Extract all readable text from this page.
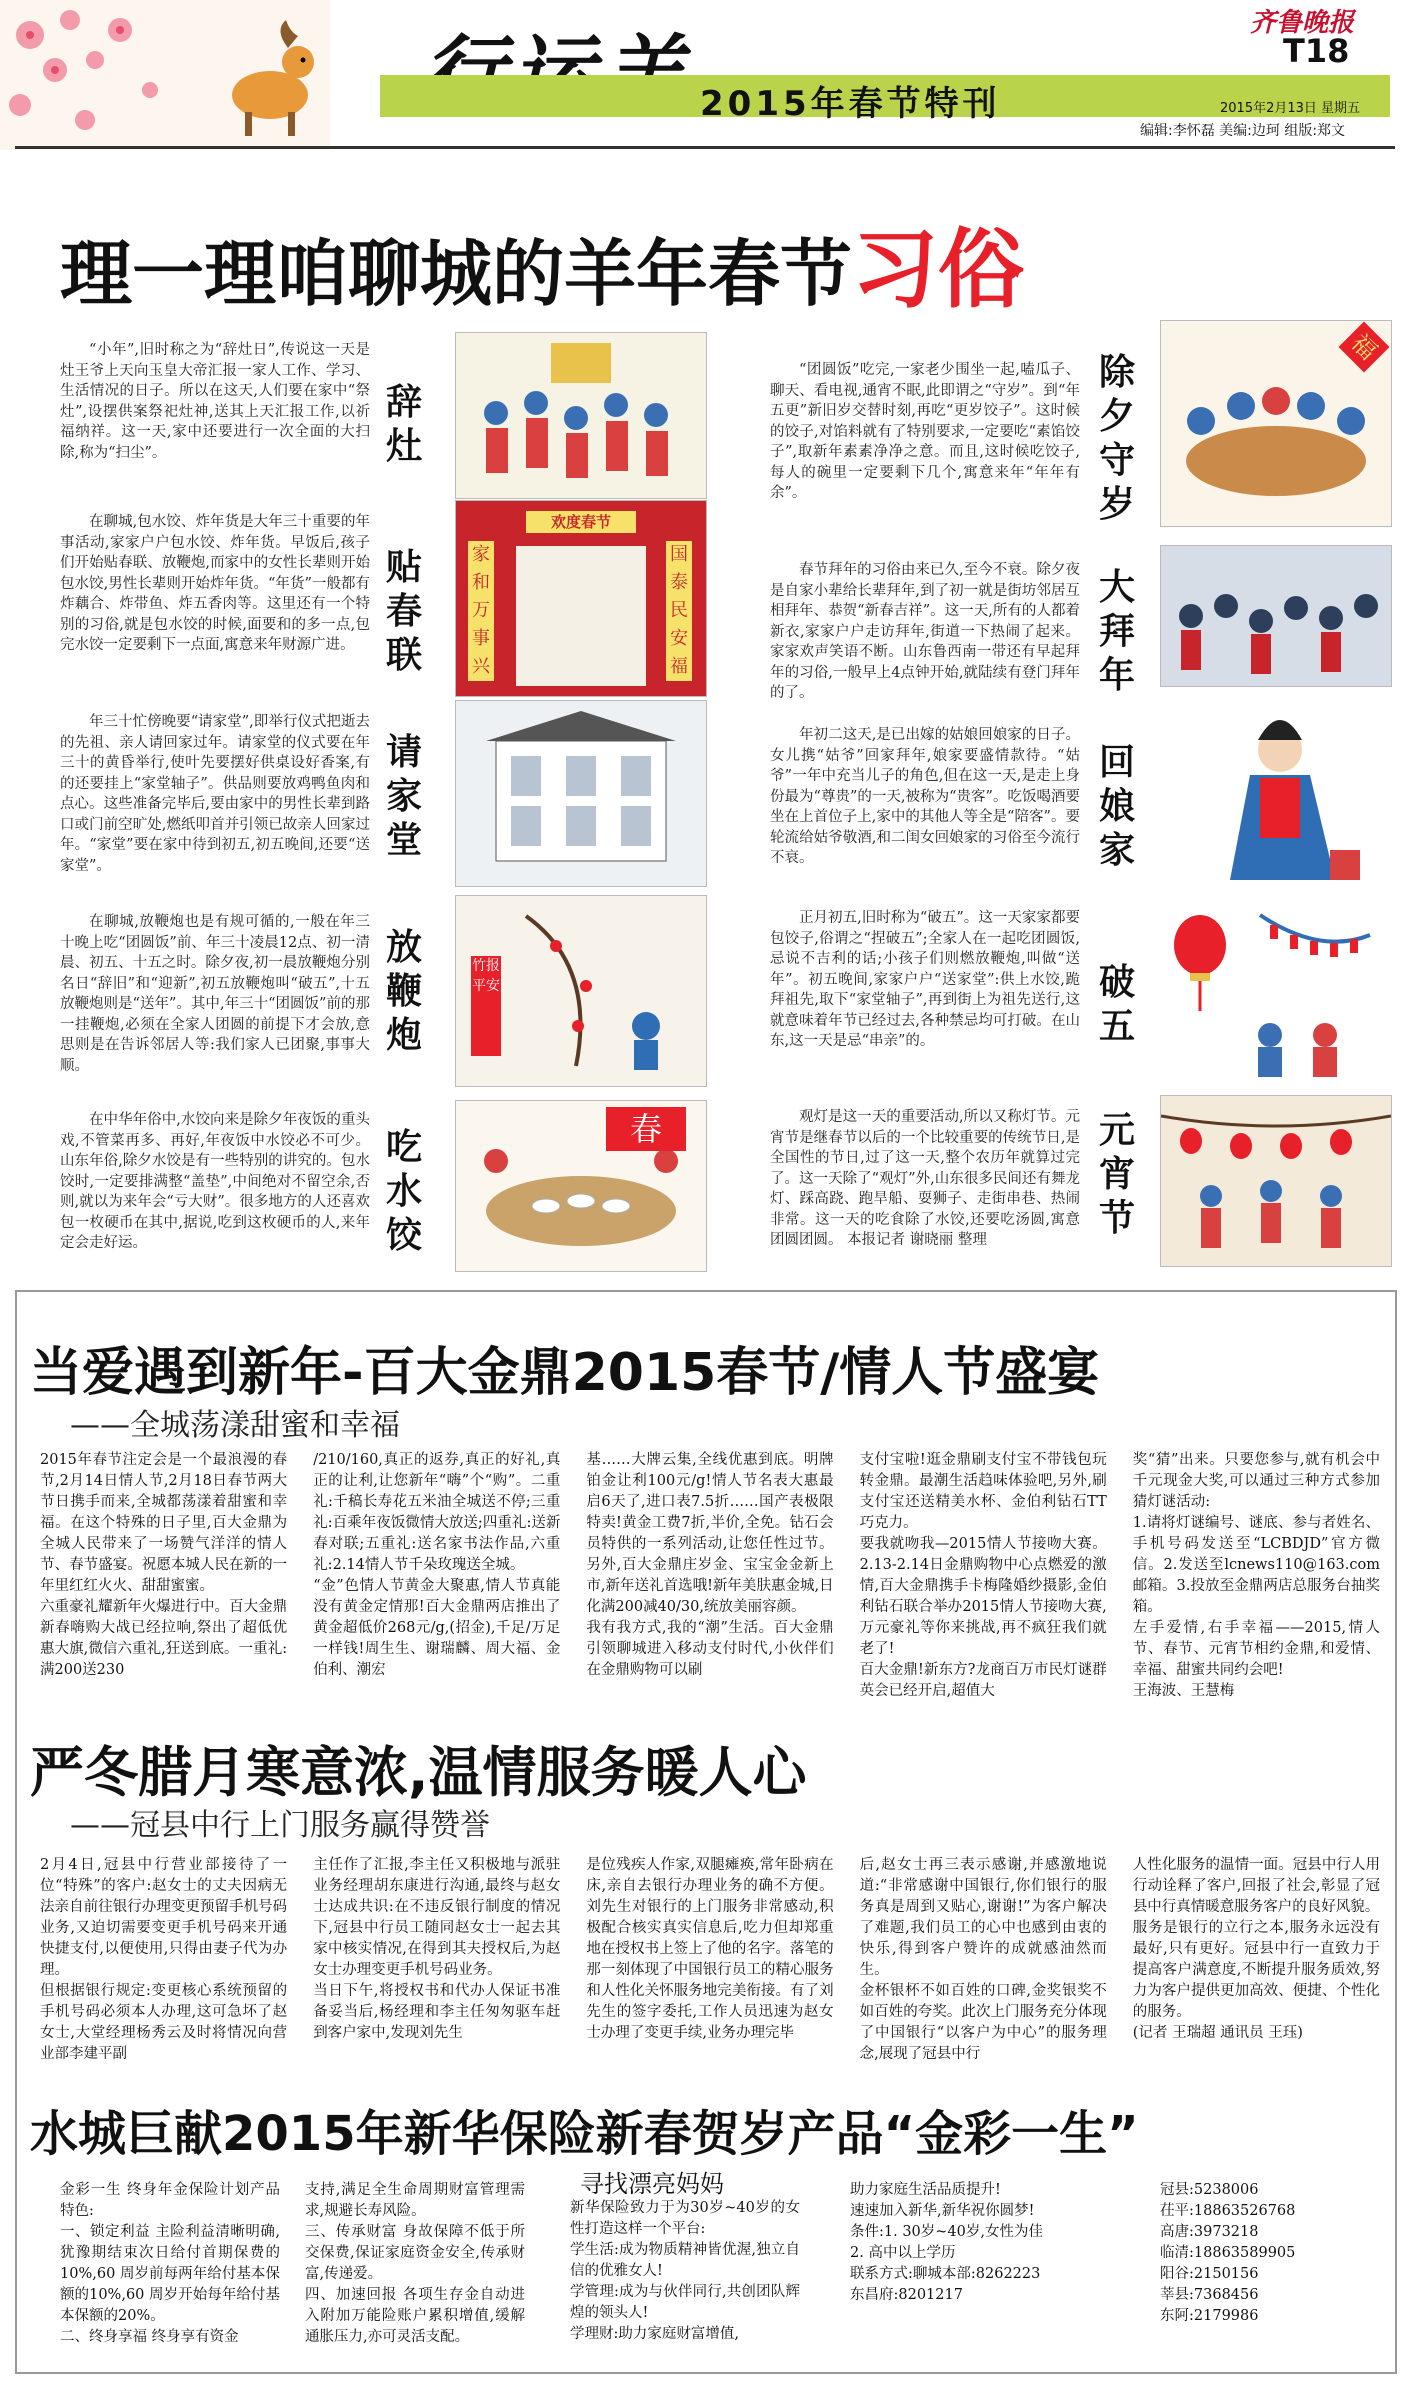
2015年春节特刊
齐鲁晚报
T18
2015年2月13日 星期五
编辑:李怀磊 美编:边珂 组版:郑文
理一理咱聊城的羊年春节习俗
“小年”,旧时称之为“辞灶日”,传说这一天是灶王爷上天向玉皇大帝汇报一家人工作、学习、生活情况的日子。所以在这天,人们要在家中“祭灶”,设摆供案祭祀灶神,送其上天汇报工作,以祈福纳祥。这一天,家中还要进行一次全面的大扫除,称为“扫尘”。
辞灶
在聊城,包水饺、炸年货是大年三十重要的年事活动,家家户户包水饺、炸年货。早饭后,孩子们开始贴春联、放鞭炮,而家中的女性长辈则开始包水饺,男性长辈则开始炸年货。“年货”一般都有炸藕合、炸带鱼、炸五香肉等。这里还有一个特别的习俗,就是包水饺的时候,面要和的多一点,包完水饺一定要剩下一点面,寓意来年财源广进。
贴春联
欢度春节
家和万事兴
国泰民安福
年三十忙傍晚要“请家堂”,即举行仪式把逝去的先祖、亲人请回家过年。请家堂的仪式要在年三十的黄昏举行,使叶先要摆好供桌设好香案,有的还要挂上“家堂轴子”。供品则要放鸡鸭鱼肉和点心。这些准备完毕后,要由家中的男性长辈到路口或门前空旷处,燃纸叩首并引领已故亲人回家过年。“家堂”要在家中待到初五,初五晚间,还要“送家堂”。
请家堂
在聊城,放鞭炮也是有规可循的,一般在年三十晚上吃“团圆饭”前、年三十凌晨12点、初一清晨、初五、十五之时。除夕夜,初一晨放鞭炮分别名日“辞旧”和“迎新”,初五放鞭炮叫“破五”,十五放鞭炮则是“送年”。其中,年三十“团圆饭”前的那一挂鞭炮,必须在全家人团圆的前提下才会放,意思则是在告诉邻居人等:我们家人已团聚,事事大顺。
放鞭炮
竹报平安
在中华年俗中,水饺向来是除夕年夜饭的重头戏,不管菜再多、再好,年夜饭中水饺必不可少。山东年俗,除夕水饺是有一些特别的讲究的。包水饺时,一定要排满整“盖垫”,中间绝对不留空余,否则,就以为来年会“亏大财”。很多地方的人还喜欢包一枚硬币在其中,据说,吃到这枚硬币的人,来年定会走好运。
吃水饺
春
“团圆饭”吃完,一家老少围坐一起,嗑瓜子、聊天、看电视,通宵不眠,此即谓之“守岁”。到“年五更”新旧岁交替时刻,再吃“更岁饺子”。这时候的饺子,对馅料就有了特别要求,一定要吃“素馅饺子”,取新年素素净净之意。而且,这时候吃饺子,每人的碗里一定要剩下几个,寓意来年“年年有余”。
除夕守岁
福
春节拜年的习俗由来已久,至今不衰。除夕夜是自家小辈给长辈拜年,到了初一就是街坊邻居互相拜年、恭贺“新春吉祥”。这一天,所有的人都着新衣,家家户户走访拜年,街道一下热闹了起来。家家欢声笑语不断。山东鲁西南一带还有早起拜年的习俗,一般早上4点钟开始,就陆续有登门拜年的了。
大拜年
年初二这天,是已出嫁的姑娘回娘家的日子。女儿携“姑爷”回家拜年,娘家要盛情款待。“姑爷”一年中充当儿子的角色,但在这一天,是走上身份最为“尊贵”的一天,被称为“贵客”。吃饭喝酒要坐在上首位子上,家中的其他人等全是“陪客”。要轮流给姑爷敬酒,和二闺女回娘家的习俗至今流行不衰。
回娘家
正月初五,旧时称为“破五”。这一天家家都要包饺子,俗谓之“捏破五”;全家人在一起吃团圆饭,忌说不吉利的话;小孩子们则燃放鞭炮,叫做“送年”。初五晚间,家家户户“送家堂”:供上水饺,跪拜祖先,取下“家堂轴子”,再到街上为祖先送行,这就意味着年节已经过去,各种禁忌均可打破。在山东,这一天是忌“串亲”的。
破五
观灯是这一天的重要活动,所以又称灯节。元宵节是继春节以后的一个比较重要的传统节日,是全国性的节日,过了这一天,整个农历年就算过完了。这一天除了“观灯”外,山东很多民间还有舞龙灯、踩高跷、跑旱船、耍狮子、走街串巷、热闹非常。这一天的吃食除了水饺,还要吃汤圆,寓意团圆团圆。 本报记者 谢晓丽 整理
元宵节
当爱遇到新年-百大金鼎2015春节/情人节盛宴
——全城荡漾甜蜜和幸福
2015年春节注定会是一个最浪漫的春节,2月14日情人节,2月18日春节两大节日携手而来,全城都荡漾着甜蜜和幸福。在这个特殊的日子里,百大金鼎为全城人民带来了一场赞气洋洋的情人节、春节盛宴。祝愿本城人民在新的一年里红红火火、甜甜蜜蜜。
六重豪礼耀新年火爆进行中。百大金鼎新春嗨购大战已经拉响,祭出了超低优惠大旗,微信六重礼,狂送到底。一重礼:满200送230
/210/160,真正的返券,真正的好礼,真正的让利,让您新年“嗨”个“购”。二重礼:千稿长寿花五米油全城送不停;三重礼:百乘年夜饭微情大放送;四重礼:送新春对联;五重礼:送名家书法作品,六重礼:2.14情人节千朵玫瑰送全城。
“金”色情人节黄金大聚惠,情人节真能没有黄金定情那!百大金鼎两店推出了黄金超低价268元/g,(招金),千足/万足一样钱!周生生、谢瑞麟、周大福、金伯利、潮宏
基……大牌云集,全线优惠到底。明牌铂金让利100元/g!情人节名表大惠最启6天了,进口表7.5折……国产表极限特卖!黄金工费7折,半价,全免。钻石会员特供的一系列活动,让您任性过节。另外,百大金鼎庄岁金、宝宝金金新上市,新年送礼首选哦!新年美肤惠金城,日化满200减40/30,统放美丽容颜。
我有我方式,我的“潮”生活。百大金鼎引领聊城进入移动支付时代,小伙伴们在金鼎购物可以刷
支付宝啦!逛金鼎刷支付宝不带钱包玩转金鼎。最潮生活趋味体验吧,另外,刷支付宝还送精美水杯、金伯利钻石TT巧克力。
要我就吻我—2015情人节接吻大赛。2.13-2.14日金鼎购物中心点燃爱的激情,百大金鼎携手卡梅隆婚纱摄影,金伯利钻石联合举办2015情人节接吻大赛,万元豪礼等你来挑战,再不疯狂我们就老了!
百大金鼎!新东方?龙商百万市民灯谜群英会已经开启,超值大
奖“猜”出来。只要您参与,就有机会中千元现金大奖,可以通过三种方式参加猜灯谜活动:
1.请将灯谜编号、谜底、参与者姓名、手机号码发送至“LCBDJD”官方微信。2.发送至lcnews110@163.com邮箱。3.投放至金鼎两店总服务台抽奖箱。
左手爱情,右手幸福——2015,情人节、春节、元宵节相约金鼎,和爱情、幸福、甜蜜共同约会吧!
王海波、王慧梅
严冬腊月寒意浓,温情服务暖人心
——冠县中行上门服务赢得赞誉
2月4日,冠县中行营业部接待了一位“特殊”的客户:赵女士的丈夫因病无法亲自前往银行办理变更预留手机号码业务,又迫切需要变更手机号码来开通快捷支付,以便使用,只得由妻子代为办理。
但根据银行规定:变更核心系统预留的手机号码必须本人办理,这可急坏了赵女士,大堂经理杨秀云及时将情况向营业部李建平副
主任作了汇报,李主任又积极地与派驻业务经理胡东康进行沟通,最终与赵女士达成共识:在不违反银行制度的情况下,冠县中行员工随同赵女士一起去其家中核实情况,在得到其夫授权后,为赵女士办理变更手机号码业务。
当日下午,将授权书和代办人保证书准备妥当后,杨经理和李主任匆匆驱车赶到客户家中,发现刘先生
是位残疾人作家,双腿瘫痪,常年卧病在床,亲自去银行办理业务的确不方便。刘先生对银行的上门服务非常感动,积极配合核实真实信息后,吃力但却郑重地在授权书上签上了他的名字。落笔的那一刻体现了中国银行员工的精心服务和人性化关怀服务地完美衔接。有了刘先生的签字委托,工作人员迅速为赵女士办理了变更手续,业务办理完毕
后,赵女士再三表示感谢,并感激地说道:“非常感谢中国银行,你们银行的服务真是周到又贴心,谢谢!”为客户解决了难题,我们员工的心中也感到由衷的快乐,得到客户赞许的成就感油然而生。
金杯银杯不如百姓的口碑,金奖银奖不如百姓的夸奖。此次上门服务充分体现了中国银行“以客户为中心”的服务理念,展现了冠县中行
人性化服务的温情一面。冠县中行人用行动诠释了客户,回报了社会,彰显了冠县中行真情暖意服务客户的良好风貌。
服务是银行的立行之本,服务永远没有最好,只有更好。冠县中行一直致力于提高客户满意度,不断提升服务质效,努力为客户提供更加高效、便捷、个性化的服务。
(记者 王瑞超 通讯员 王珏)
水城巨献2015年新华保险新春贺岁产品“金彩一生”
金彩一生 终身年金保险计划产品特色:
一、锁定利益 主险利益清晰明确,犹豫期结束次日给付首期保费的10%,60 周岁前每两年给付基本保额的10%,60 周岁开始每年给付基本保额的20%。
二、终身享福 终身享有资金
支持,满足全生命周期财富管理需求,规避长寿风险。
三、传承财富 身故保障不低于所交保费,保证家庭资金安全,传承财富,传递爱。
四、加速回报 各项生存金自动进入附加万能险账户累积增值,缓解通胀压力,亦可灵活支配。
寻找漂亮妈妈
新华保险致力于为30岁~40岁的女性打造这样一个平台:
学生活:成为物质精神皆优渥,独立自信的优雅女人!
学管理:成为与伙伴同行,共创团队辉煌的领头人!
学理财:助力家庭财富增值,
助力家庭生活品质提升!
速速加入新华,新华祝你圆梦!
条件:1. 30岁~40岁,女性为佳
2. 高中以上学历
联系方式:聊城本部:8262223
东昌府:8201217
冠县:5238006
茌平:18863526768
高唐:3973218
临清:18863589905
阳谷:2150156
莘县:7368456
东阿:2179986
